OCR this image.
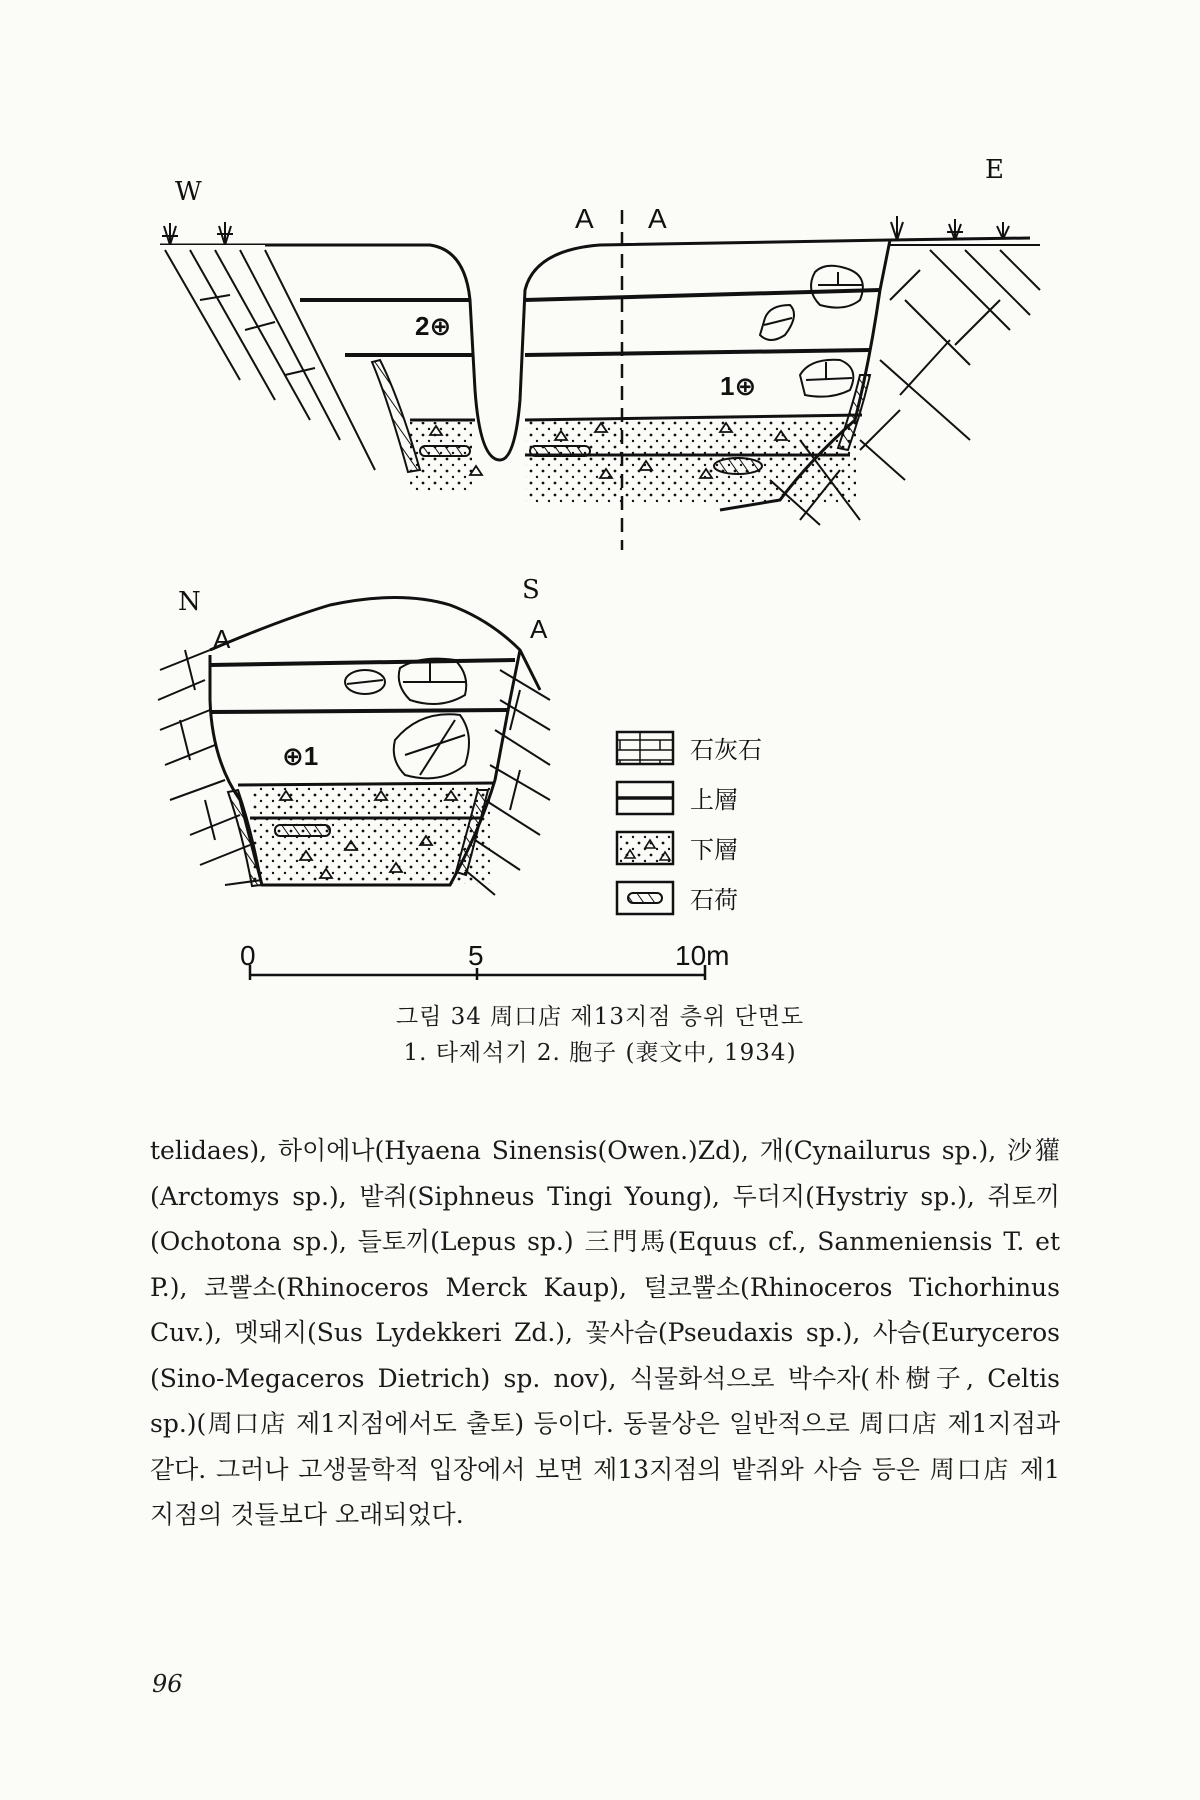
W
E
A A
2⊕
1⊕
N	S
A	A
⊕1	石灰石
上層
下層
石荷
0	5	10m
그림 34 周口店 제13지점 층위 단면도
1. 타제석기 2. 胞子 (裵文中, 1934)

telidaes), 하이에나(Hyaena Sinensis(Owen.)Zd), 개(Cynailurus sp.), 沙獾(Arctomys sp.), 밭쥐(Siphneus Tingi Young), 두더지(Hystriy sp.), 쥐토끼(Ochotona sp.), 들토끼(Lepus sp.) 三門馬(Equus cf., Sanmeniensis T. et P.), 코뿔소(Rhinoceros Merck Kaup), 털코뿔소(Rhinoceros Tichorhinus Cuv.), 멧돼지(Sus Lydekkeri Zd.), 꽃사슴(Pseudaxis sp.), 사슴(Euryceros (Sino-Megaceros Dietrich) sp. nov), 식물화석으로 박수자(朴樹子, Celtis sp.)(周口店 제1지점에서도 출토) 등이다. 동물상은 일반적으로 周口店 제1지점과 같다. 그러나 고생물학적 입장에서 보면 제13지점의 밭쥐와 사슴 등은 周口店 제1지점의 것들보다 오래되었다.

96
